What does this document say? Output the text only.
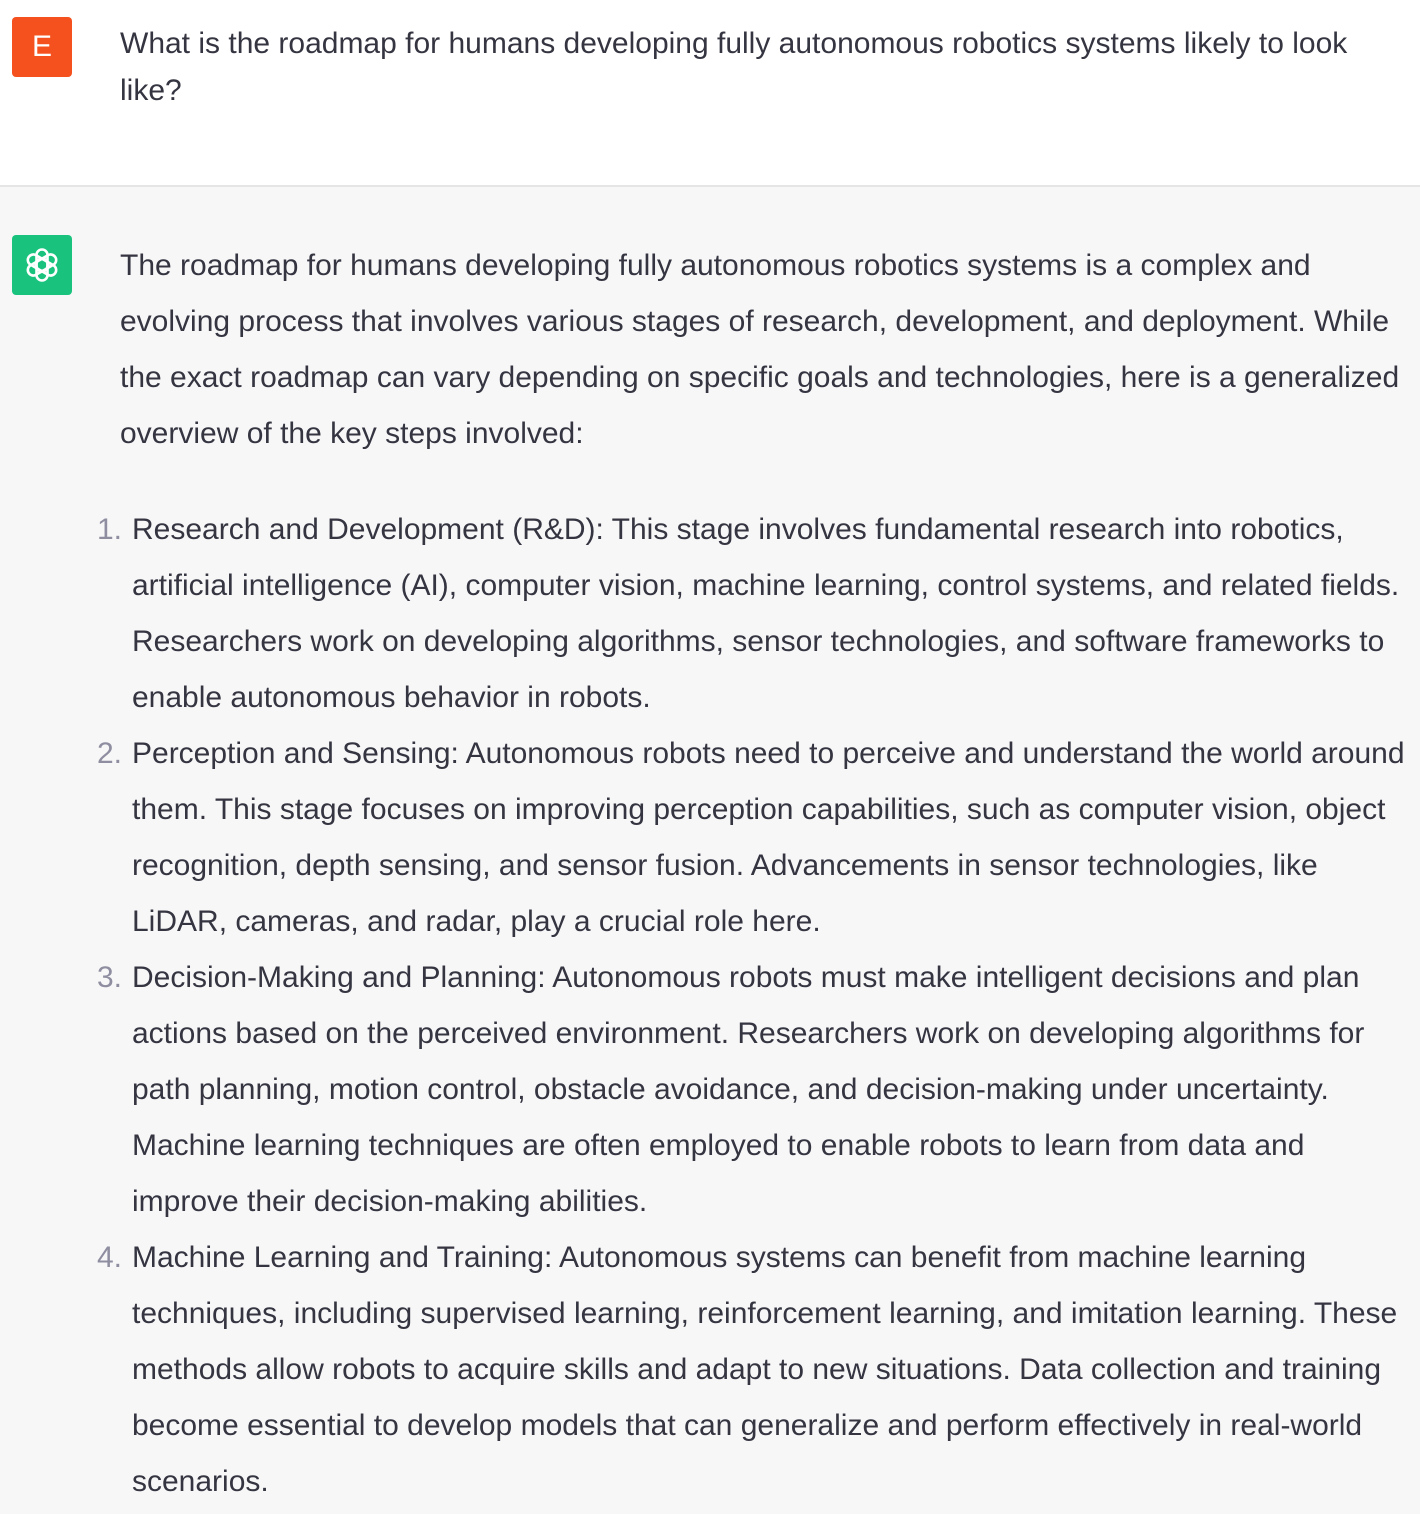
E	What is the roadmap for humans developing fully autonomous robotics systems likely to look like?

The roadmap for humans developing fully autonomous robotics systems is a complex and evolving process that involves various stages of research, development, and deployment. While the exact roadmap can vary depending on specific goals and technologies, here is a generalized overview of the key steps involved:

1. Research and Development (R&D): This stage involves fundamental research into robotics, artificial intelligence (AI), computer vision, machine learning, control systems, and related fields. Researchers work on developing algorithms, sensor technologies, and software frameworks to enable autonomous behavior in robots.
2. Perception and Sensing: Autonomous robots need to perceive and understand the world around them. This stage focuses on improving perception capabilities, such as computer vision, object recognition, depth sensing, and sensor fusion. Advancements in sensor technologies, like LiDAR, cameras, and radar, play a crucial role here.
3. Decision-Making and Planning: Autonomous robots must make intelligent decisions and plan actions based on the perceived environment. Researchers work on developing algorithms for path planning, motion control, obstacle avoidance, and decision-making under uncertainty. Machine learning techniques are often employed to enable robots to learn from data and improve their decision-making abilities.
4. Machine Learning and Training: Autonomous systems can benefit from machine learning techniques, including supervised learning, reinforcement learning, and imitation learning. These methods allow robots to acquire skills and adapt to new situations. Data collection and training become essential to develop models that can generalize and perform effectively in real-world scenarios.
